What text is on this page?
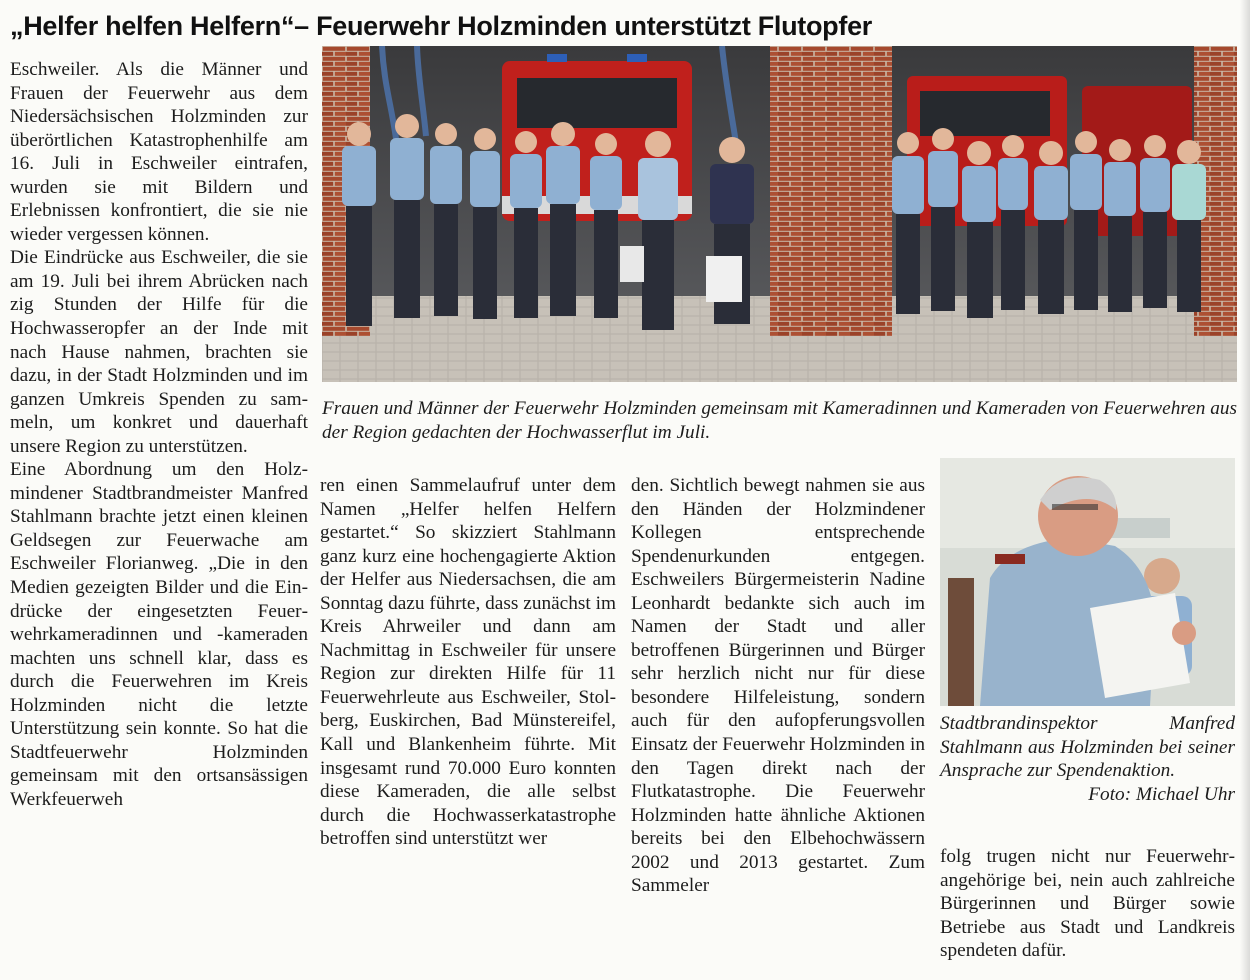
„Helfer helfen Helfern“– Feuerwehr Holzminden unterstützt Flutopfer

Eschweiler. Als die Männer und Frauen der Feuerwehr aus dem Niedersächsischen Holzminden zur überörtlichen Katastrophenhilfe am 16. Juli in Eschweiler eintrafen, wurden sie mit Bildern und Erlebnissen konfrontiert, die sie nie wieder vergessen können.

Die Eindrücke aus Eschweiler, die sie am 19. Juli bei ihrem Abrücken nach zig Stunden der Hilfe für die Hochwasseropfer an der Inde mit nach Hause nahmen, brachten sie dazu, in der Stadt Holzminden und im ganzen Umkreis Spenden zu sammeln, um konkret und dauerhaft unsere Region zu unterstützen.

Eine Abordnung um den Holzmindener Stadtbrandmeister Manfred Stahlmann brachte jetzt einen kleinen Geldsegen zur Feuerwache am Eschweiler Florianweg. „Die in den Medien gezeigten Bilder und die Eindrücke der eingesetzten Feuerwehrkameradinnen und -kameraden machten uns schnell klar, dass es durch die Feuerwehren im Kreis Holzminden nicht die letzte Unterstützung sein konnte. So hat die Stadtfeuerwehr Holzminden gemeinsam mit den ortsansässigen Werkfeuerweh

Frauen und Männer der Feuerwehr Holzminden gemeinsam mit Kameradinnen und Kameraden von Feuerwehren aus der Region gedachten der Hochwasserflut im Juli.

ren einen Sammelaufruf unter dem Namen „Helfer helfen Helfern gestartet.“ So skizziert Stahlmann ganz kurz eine hochengagierte Aktion der Helfer aus Niedersachsen, die am Sonntag dazu führte, dass zunächst im Kreis Ahrweiler und dann am Nachmittag in Eschweiler für unsere Region zur direkten Hilfe für 11 Feuerwehrleute aus Eschweiler, Stolberg, Euskirchen, Bad Münstereifel, Kall und Blankenheim führte. Mit insgesamt rund 70.000 Euro konnten diese Kameraden, die alle selbst durch die Hochwasserkatastrophe betroffen sind unterstützt wer

den. Sichtlich bewegt nahmen sie aus den Händen der Holzmindener Kollegen entsprechende Spendenurkunden entgegen. Eschweilers Bürgermeisterin Nadine Leonhardt bedankte sich auch im Namen der Stadt und aller betroffenen Bürgerinnen und Bürger sehr herzlich nicht nur für diese besondere Hilfeleistung, sondern auch für den aufopferungsvollen Einsatz der Feuerwehr Holzminden in den Tagen direkt nach der Flutkatastrophe. Die Feuerwehr Holzminden hatte ähnliche Aktionen bereits bei den Elbehochwässern 2002 und 2013 gestartet. Zum Sammeler

Stadtbrandinspektor Manfred Stahlmann aus Holzminden bei seiner Ansprache zur Spendenaktion.
Foto: Michael Uhr

folg trugen nicht nur Feuerwehrangehörige bei, nein auch zahlreiche Bürgerinnen und Bürger sowie Betriebe aus Stadt und Landkreis spendeten dafür.
